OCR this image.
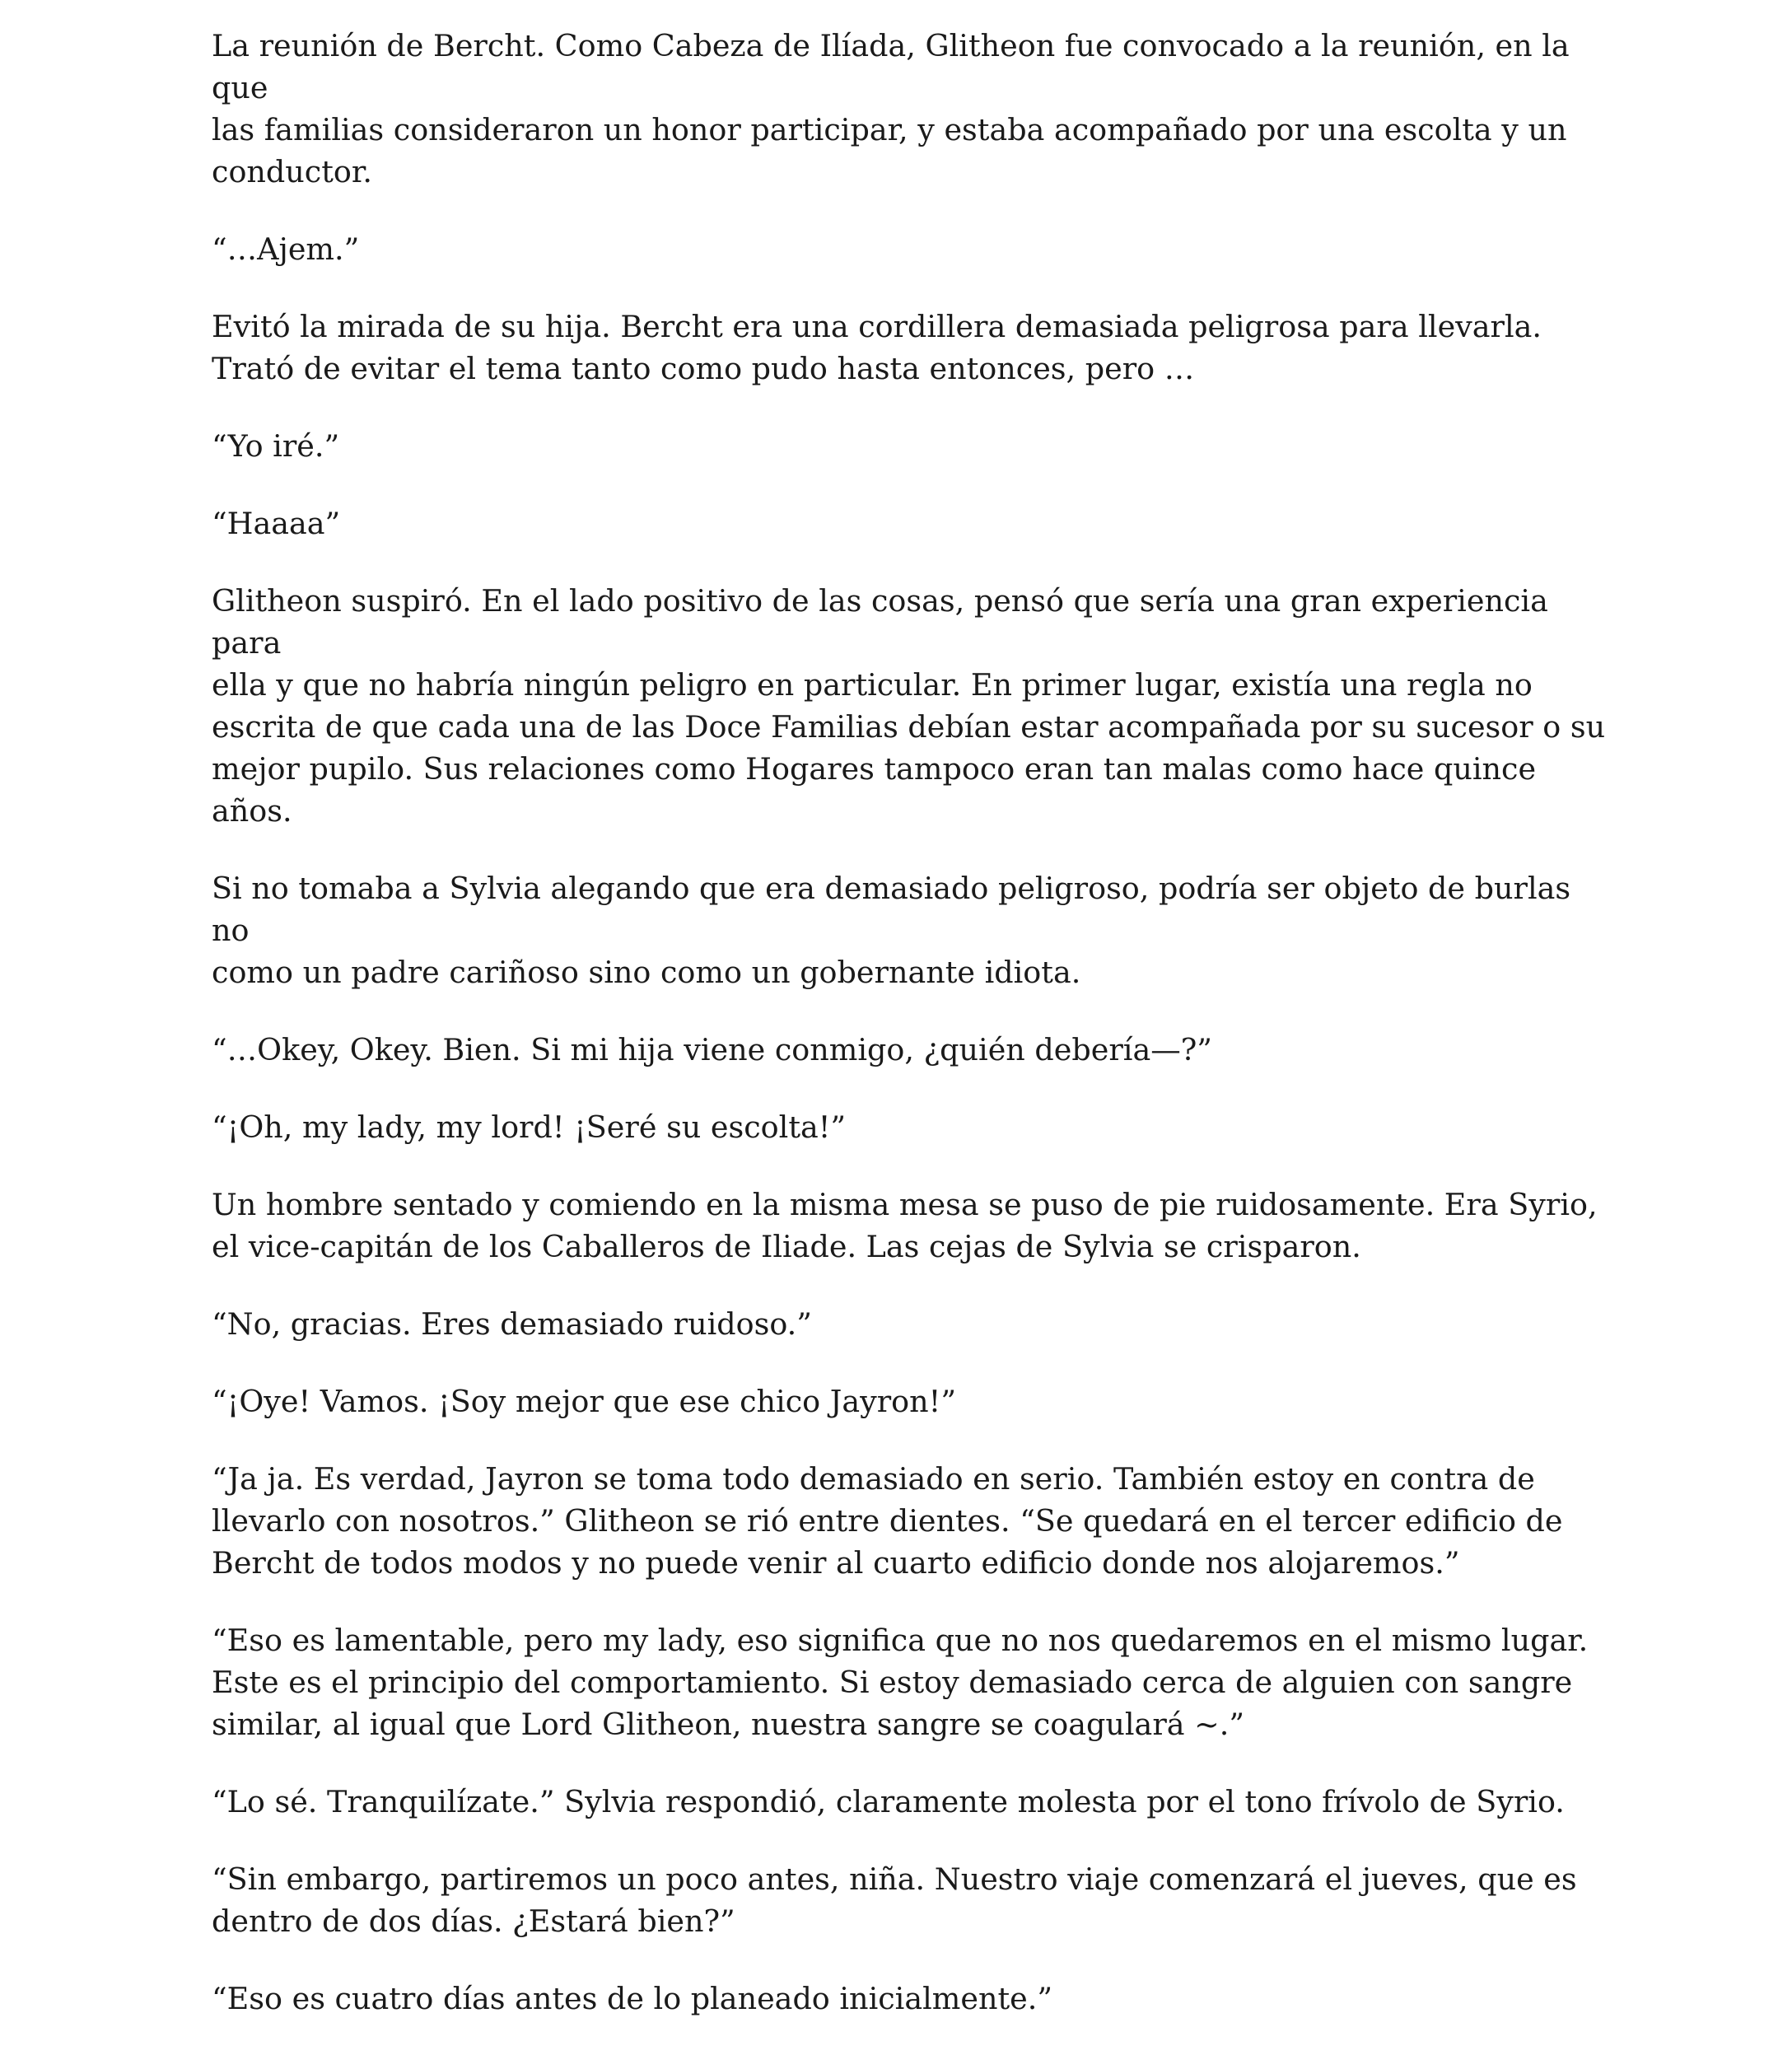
La reunión de Bercht. Como Cabeza de Ilíada, Glitheon fue convocado a la reunión, en la que
las familias consideraron un honor participar, y estaba acompañado por una escolta y un
conductor.

“…Ajem.”

Evitó la mirada de su hija. Bercht era una cordillera demasiada peligrosa para llevarla.
Trató de evitar el tema tanto como pudo hasta entonces, pero …

“Yo iré.”

“Haaaa”

Glitheon suspiró. En el lado positivo de las cosas, pensó que sería una gran experiencia para
ella y que no habría ningún peligro en particular. En primer lugar, existía una regla no
escrita de que cada una de las Doce Familias debían estar acompañada por su sucesor o su
mejor pupilo. Sus relaciones como Hogares tampoco eran tan malas como hace quince años.

Si no tomaba a Sylvia alegando que era demasiado peligroso, podría ser objeto de burlas no
como un padre cariñoso sino como un gobernante idiota.

“…Okey, Okey. Bien. Si mi hija viene conmigo, ¿quién debería—?”

“¡Oh, my lady, my lord! ¡Seré su escolta!”

Un hombre sentado y comiendo en la misma mesa se puso de pie ruidosamente. Era Syrio,
el vice-capitán de los Caballeros de Iliade. Las cejas de Sylvia se crisparon.

“No, gracias. Eres demasiado ruidoso.”

“¡Oye! Vamos. ¡Soy mejor que ese chico Jayron!”

“Ja ja. Es verdad, Jayron se toma todo demasiado en serio. También estoy en contra de
llevarlo con nosotros.” Glitheon se rió entre dientes. “Se quedará en el tercer edificio de
Bercht de todos modos y no puede venir al cuarto edificio donde nos alojaremos.”

“Eso es lamentable, pero my lady, eso significa que no nos quedaremos en el mismo lugar.
Este es el principio del comportamiento. Si estoy demasiado cerca de alguien con sangre
similar, al igual que Lord Glitheon, nuestra sangre se coagulará ~.”

“Lo sé. Tranquilízate.” Sylvia respondió, claramente molesta por el tono frívolo de Syrio.

“Sin embargo, partiremos un poco antes, niña. Nuestro viaje comenzará el jueves, que es
dentro de dos días. ¿Estará bien?”

“Eso es cuatro días antes de lo planeado inicialmente.”
